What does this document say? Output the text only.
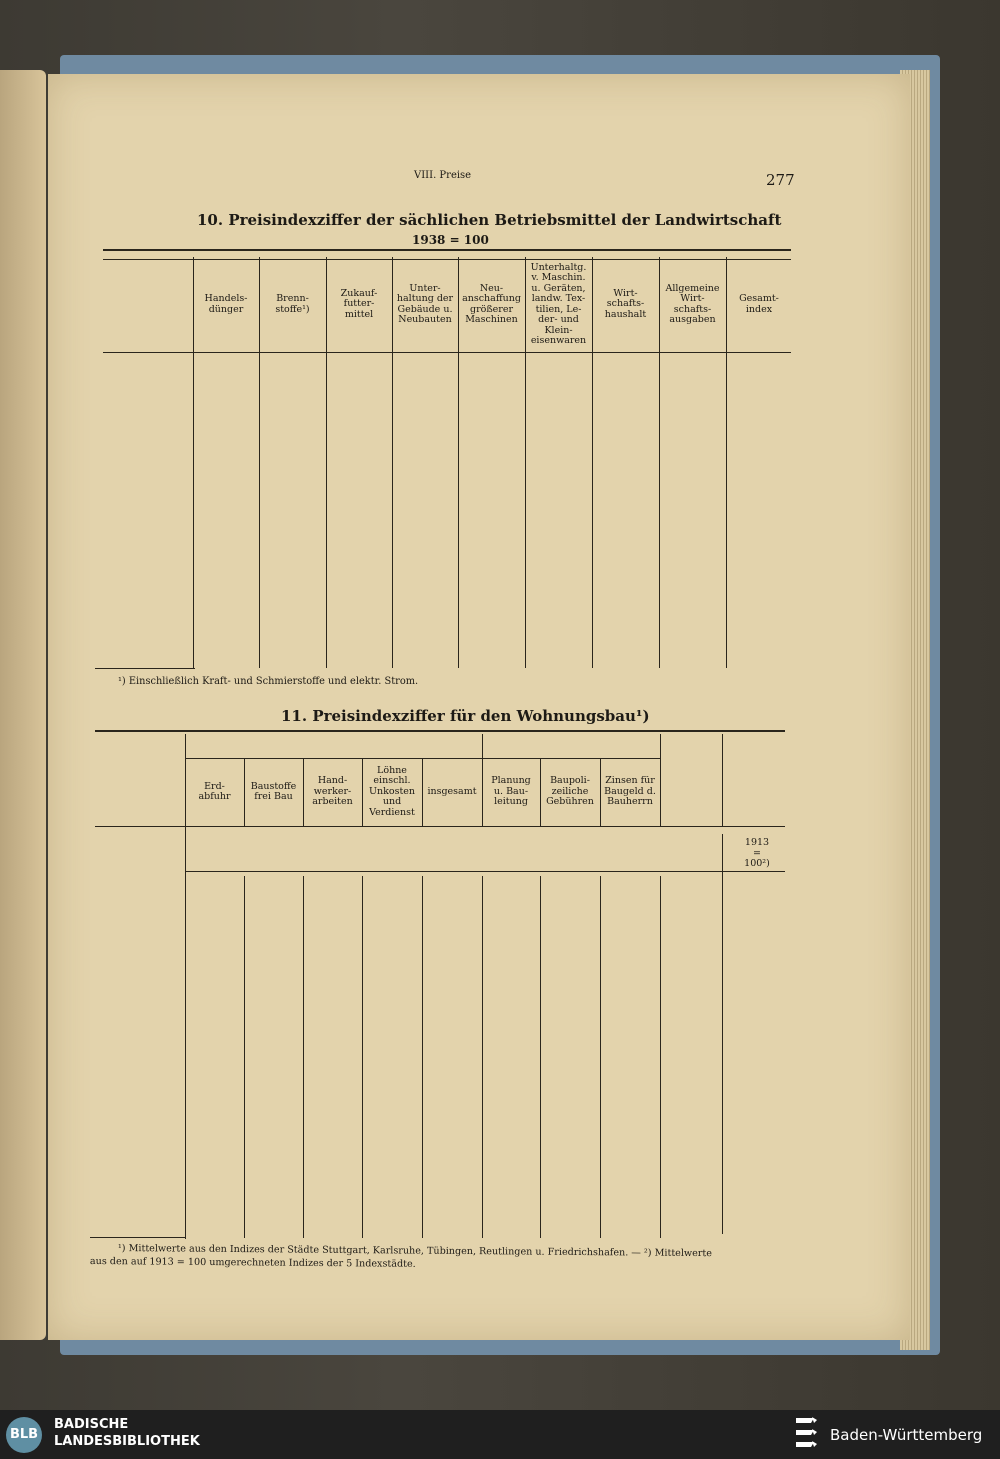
VIII. Preise	277
10. Preisindexziffer der sächlichen Betriebsmittel der Landwirtschaft
1938 = 100
Handels-
dünger
Brenn-
stoffe¹)
Zukauf-
futter-
mittel
Unter-
haltung der
Gebäude u.
Neubauten
Neu-
anschaffung
größerer
Maschinen
Unterhaltg.
v. Maschin.
u. Geräten,
landw. Tex-
tilien, Le-
der- und
Klein-
eisenwaren
Wirt-
schafts-
haushalt
Allgemeine
Wirt-
schafts-
ausgaben
Gesamt-
index
¹) Einschließlich Kraft- und Schmierstoffe und elektr. Strom.
11. Preisindexziffer für den Wohnungsbau¹)
Erd-
abfuhr
Baustoffe
frei Bau
Hand-
werker-
arbeiten
Löhne
einschl.
Unkosten
und
Verdienst
insgesamt
Planung
u. Bau-
leitung
Baupoli-
zeiliche
Gebühren
Zinsen für
Baugeld d.
Bauherrn
1913
=
100²)
¹) Mittelwerte aus den Indizes der Städte Stuttgart, Karlsruhe, Tübingen, Reutlingen u. Friedrichshafen. — ²) Mittelwerte
aus den auf 1913 = 100 umgerechneten Indizes der 5 Indexstädte.
BLB
BADISCHE
LANDESBIBLIOTHEK	Baden-Württemberg
